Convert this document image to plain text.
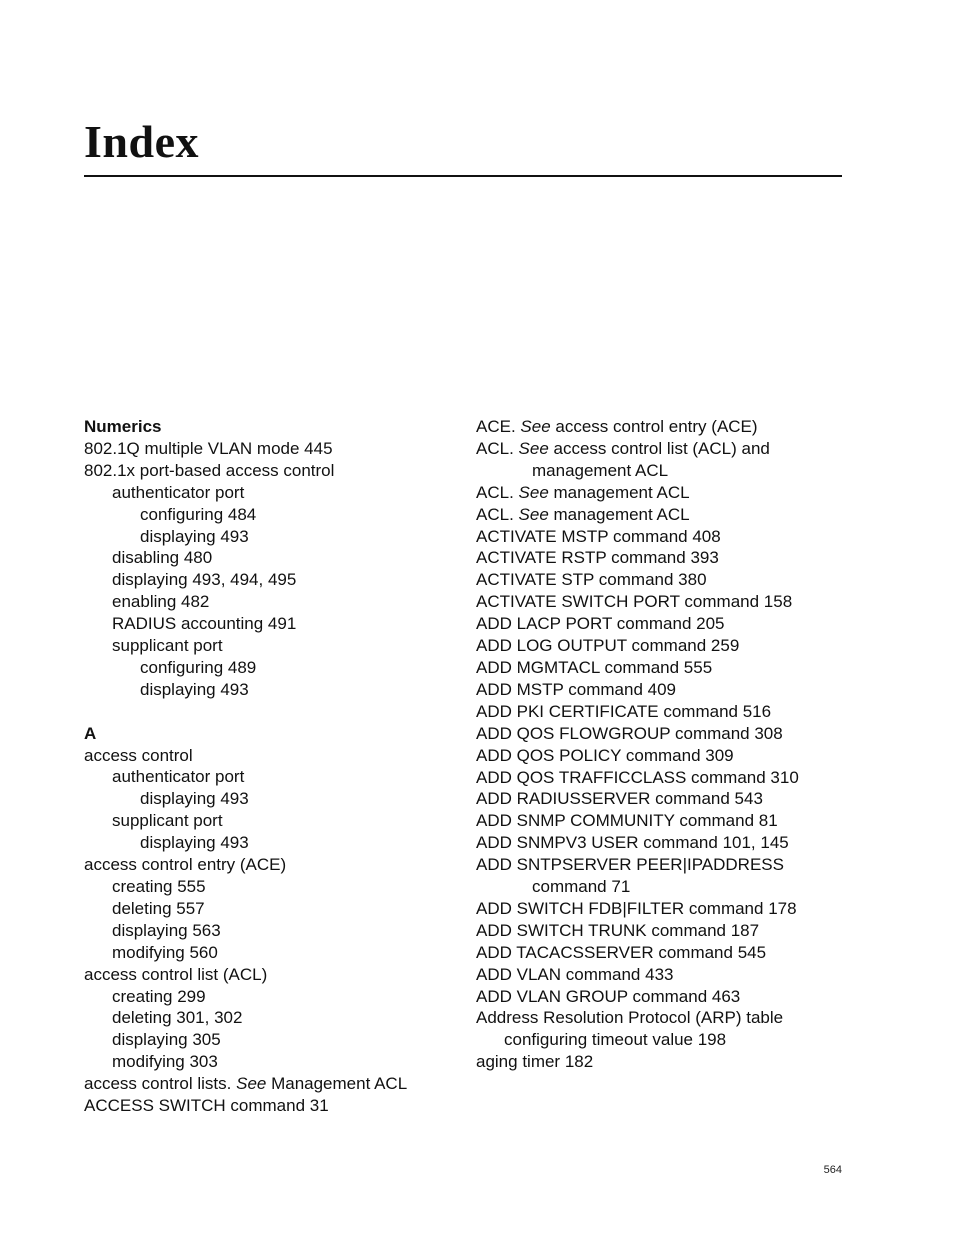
Index
Numerics
802.1Q multiple VLAN mode 445
802.1x port-based access control
authenticator port
configuring 484
displaying 493
disabling 480
displaying 493, 494, 495
enabling 482
RADIUS accounting 491
supplicant port
configuring 489
displaying 493
A
access control
authenticator port
displaying 493
supplicant port
displaying 493
access control entry (ACE)
creating 555
deleting 557
displaying 563
modifying 560
access control list (ACL)
creating 299
deleting 301, 302
displaying 305
modifying 303
access control lists. See Management ACL
ACCESS SWITCH command 31
ACE. See access control entry (ACE)
ACL. See access control list (ACL) and
management ACL
ACL. See management ACL
ACL. See management ACL
ACTIVATE MSTP command 408
ACTIVATE RSTP command 393
ACTIVATE STP command 380
ACTIVATE SWITCH PORT command 158
ADD LACP PORT command 205
ADD LOG OUTPUT command 259
ADD MGMTACL command 555
ADD MSTP command 409
ADD PKI CERTIFICATE command 516
ADD QOS FLOWGROUP command 308
ADD QOS POLICY command 309
ADD QOS TRAFFICCLASS command 310
ADD RADIUSSERVER command 543
ADD SNMP COMMUNITY command 81
ADD SNMPV3 USER command 101, 145
ADD SNTPSERVER PEER|IPADDRESS
command 71
ADD SWITCH FDB|FILTER command 178
ADD SWITCH TRUNK command 187
ADD TACACSSERVER command 545
ADD VLAN command 433
ADD VLAN GROUP command 463
Address Resolution Protocol (ARP) table
configuring timeout value 198
aging timer 182
564
